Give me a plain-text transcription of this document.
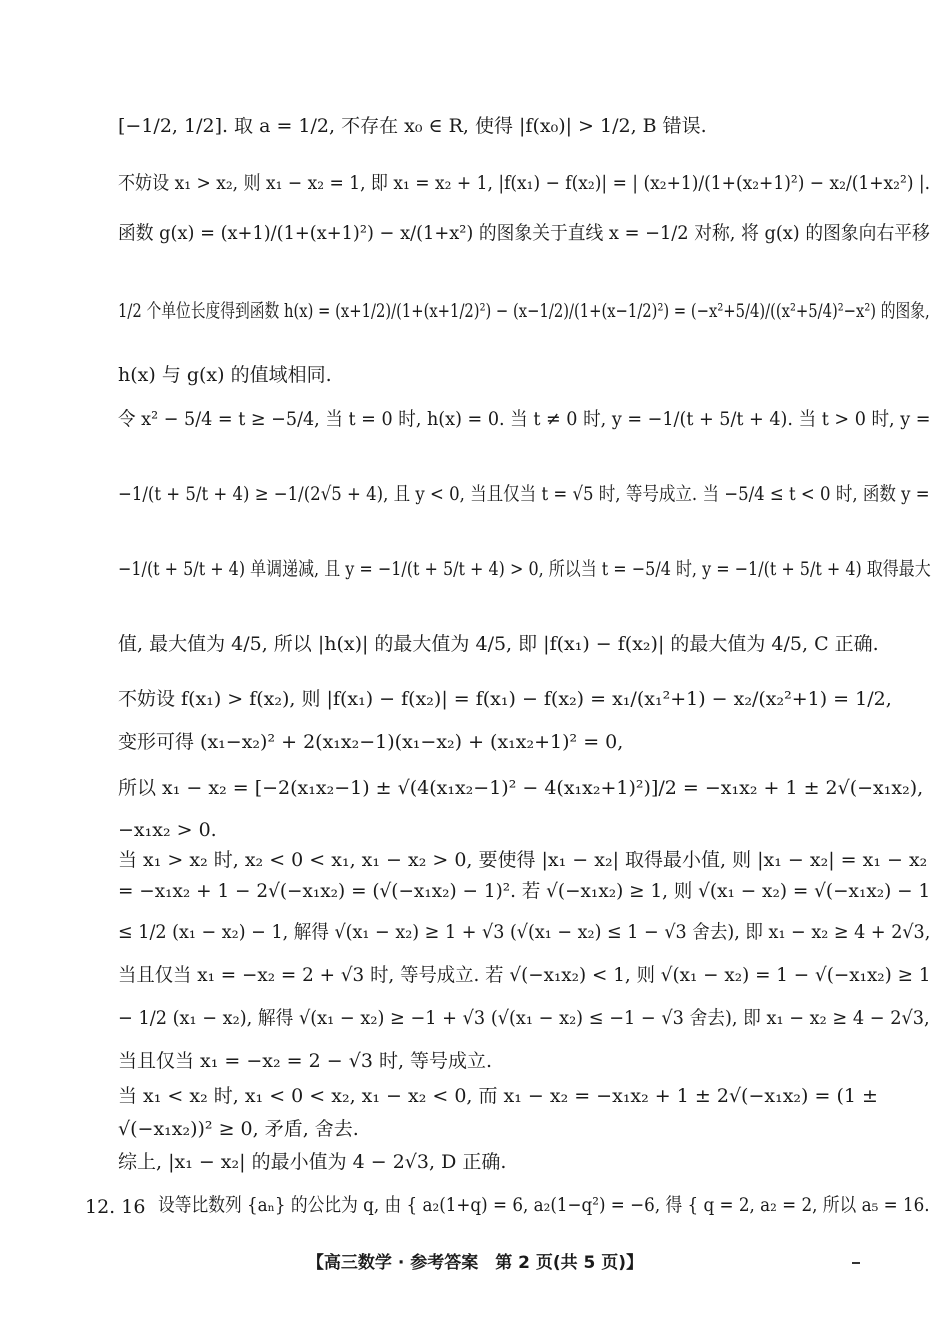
[−1/2, 1/2]. 取 a = 1/2, 不存在 x₀ ∈ R, 使得 |f(x₀)| > 1/2, B 错误.
不妨设 x₁ > x₂, 则 x₁ − x₂ = 1, 即 x₁ = x₂ + 1, |f(x₁) − f(x₂)| = | (x₂+1)/(1+(x₂+1)²) − x₂/(1+x₂²) |.
函数 g(x) = (x+1)/(1+(x+1)²) − x/(1+x²) 的图象关于直线 x = −1/2 对称, 将 g(x) 的图象向右平移
1/2 个单位长度得到函数 h(x) = (x+1/2)/(1+(x+1/2)²) − (x−1/2)/(1+(x−1/2)²) = (−x²+5/4)/((x²+5/4)²−x²) 的图象,
h(x) 与 g(x) 的值域相同.
令 x² − 5/4 = t ≥ −5/4, 当 t = 0 时, h(x) = 0. 当 t ≠ 0 时, y = −1/(t + 5/t + 4). 当 t > 0 时, y =
−1/(t + 5/t + 4) ≥ −1/(2√5 + 4), 且 y < 0, 当且仅当 t = √5 时, 等号成立. 当 −5/4 ≤ t < 0 时, 函数 y =
−1/(t + 5/t + 4) 单调递减, 且 y = −1/(t + 5/t + 4) > 0, 所以当 t = −5/4 时, y = −1/(t + 5/t + 4) 取得最大
值, 最大值为 4/5, 所以 |h(x)| 的最大值为 4/5, 即 |f(x₁) − f(x₂)| 的最大值为 4/5, C 正确.
不妨设 f(x₁) > f(x₂), 则 |f(x₁) − f(x₂)| = f(x₁) − f(x₂) = x₁/(x₁²+1) − x₂/(x₂²+1) = 1/2,
变形可得 (x₁−x₂)² + 2(x₁x₂−1)(x₁−x₂) + (x₁x₂+1)² = 0,
所以 x₁ − x₂ = [−2(x₁x₂−1) ± √(4(x₁x₂−1)² − 4(x₁x₂+1)²)]/2 = −x₁x₂ + 1 ± 2√(−x₁x₂),
−x₁x₂ > 0.
当 x₁ > x₂ 时, x₂ < 0 < x₁, x₁ − x₂ > 0, 要使得 |x₁ − x₂| 取得最小值, 则 |x₁ − x₂| = x₁ − x₂
= −x₁x₂ + 1 − 2√(−x₁x₂) = (√(−x₁x₂) − 1)². 若 √(−x₁x₂) ≥ 1, 则 √(x₁ − x₂) = √(−x₁x₂) − 1
≤ 1/2 (x₁ − x₂) − 1, 解得 √(x₁ − x₂) ≥ 1 + √3 (√(x₁ − x₂) ≤ 1 − √3 舍去), 即 x₁ − x₂ ≥ 4 + 2√3,
当且仅当 x₁ = −x₂ = 2 + √3 时, 等号成立. 若 √(−x₁x₂) < 1, 则 √(x₁ − x₂) = 1 − √(−x₁x₂) ≥ 1
− 1/2 (x₁ − x₂), 解得 √(x₁ − x₂) ≥ −1 + √3 (√(x₁ − x₂) ≤ −1 − √3 舍去), 即 x₁ − x₂ ≥ 4 − 2√3,
当且仅当 x₁ = −x₂ = 2 − √3 时, 等号成立.
当 x₁ < x₂ 时, x₁ < 0 < x₂, x₁ − x₂ < 0, 而 x₁ − x₂ = −x₁x₂ + 1 ± 2√(−x₁x₂) = (1 ±
√(−x₁x₂))² ≥ 0, 矛盾, 舍去.
综上, |x₁ − x₂| 的最小值为 4 − 2√3, D 正确.
12. 16 设等比数列 {aₙ} 的公比为 q, 由 { a₂(1+q) = 6, a₂(1−q²) = −6, 得 { q = 2, a₂ = 2, 所以 a₅ = 16.
【高三数学 · 参考答案　第 2 页(共 5 页)】
